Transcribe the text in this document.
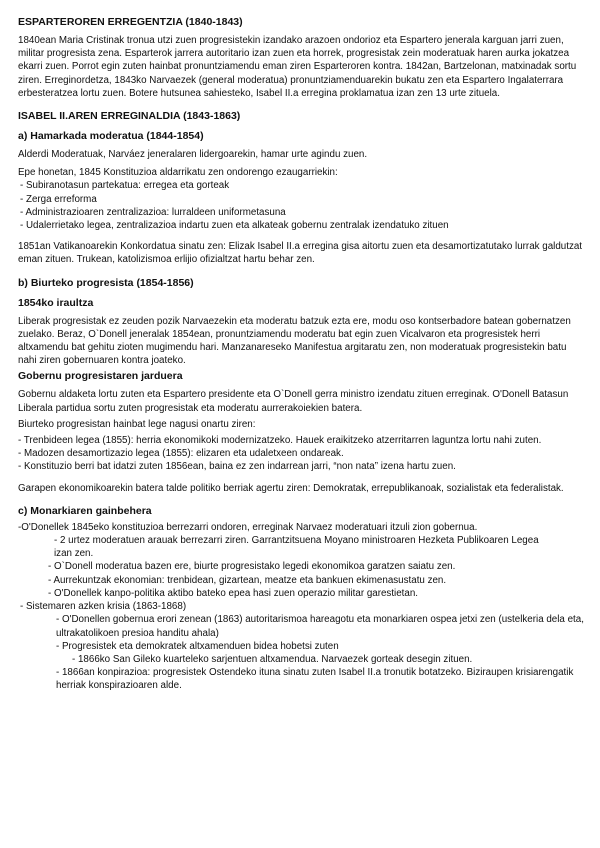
ESPARTEROREN ERREGENTZIA (1840-1843)

1840ean Maria Cristinak tronua utzi zuen progresistekin izandako arazoen ondorioz eta Espartero jenerala karguan jarri zuen, militar progresista zena. Esparterok jarrera autoritario izan zuen eta horrek, progresistak zein moderatuak haren aurka jokatzea ekarri zuen. Porrot egin zuten hainbat pronuntziamendu eman ziren Esparteroren kontra. 1842an, Bartzelonan, matxinadak sortu ziren. Erreginordetza, 1843ko Narvaezek (general moderatua) pronuntziamenduarekin bukatu zen eta Espartero Ingalaterrara erbesteratzea lortu zuen. Botere hutsunea sahiesteko, Isabel II.a erregina proklamatua izan zen 13 urte zituela.

ISABEL II.AREN ERREGINALDIA (1843-1863)

a) Hamarkada moderatua (1844-1854)

Alderdi Moderatuak, Narváez jeneralaren lidergoarekin, hamar urte agindu zuen.

Epe honetan, 1845 Konstituzioa aldarrikatu zen ondorengo ezaugarriekin:

- Subiranotasun partekatua: erregea eta gorteak

- Zerga erreforma

- Administrazioaren zentralizazioa: lurraldeen uniformetasuna

- Udalerrietako legea, zentralizazioa indartu zuen eta alkateak gobernu zentralak izendatuko zituen

1851an Vatikanoarekin Konkordatua sinatu zen: Elizak Isabel II.a erregina gisa aitortu zuen eta desamortizatutako lurrak galdutzat eman zituen. Trukean, katolizismoa erlijio ofizialtzat hartu behar zen.

b) Biurteko progresista (1854-1856)

1854ko iraultza

Liberak progresistak ez zeuden pozik Narvaezekin eta moderatu batzuk ezta ere, modu oso kontserbadore batean gobernatzen zuelako. Beraz, O`Donell jeneralak 1854ean, pronuntziamendu moderatu bat egin zuen Vicalvaron eta progresistek herri altxamendu bat gehitu zioten mugimendu hari. Manzanareseko Manifestua argitaratu zen, non moderatuak progresistekin batu nahi ziren gobernuaren kontra joateko.

Gobernu progresistaren jarduera

Gobernu aldaketa lortu zuten eta Espartero presidente eta O`Donell gerra ministro izendatu zituen erreginak. O'Donell Batasun Liberala partidua sortu zuten progresistak eta moderatu aurrerakoiekien batera.

Biurteko progresistan hainbat lege nagusi onartu ziren:

- Trenbideen legea (1855): herria ekonomikoki modernizatzeko. Hauek eraikitzeko atzerritarren laguntza lortu nahi zuten.

- Madozen desamortizazio legea (1855): elizaren eta udaletxeen ondareak.

- Konstituzio berri bat idatzi zuten 1856ean, baina ez zen indarrean jarri, “non nata” izena hartu zuen.

Garapen ekonomikoarekin batera talde politiko berriak agertu ziren: Demokratak, errepublikanoak, sozialistak eta federalistak.

c) Monarkiaren gainbehera

-O'Donellek 1845eko konstituzioa berrezarri ondoren, erreginak Narvaez moderatuari itzuli zion gobernua.

- 2 urtez moderatuen arauak berrezarri ziren. Garrantzitsuena Moyano ministroaren Hezketa Publikoaren Legea izan zen.

- O`Donell moderatua bazen ere, biurte progresistako legedi ekonomikoa garatzen saiatu zen.

- Aurrekuntzak ekonomian: trenbidean, gizartean, meatze eta bankuen ekimenasustatu zen.

- O'Donellek kanpo-politika aktibo bateko epea hasi zuen operazio militar garestietan.

- Sistemaren azken krisia (1863-1868)

- O'Donellen gobernua erori zenean (1863) autoritarismoa hareagotu eta monarkiaren ospea jetxi zen (ustelkeria dela eta, ultrakatolikoen presioa handitu ahala)

- Progresistek eta demokratek altxamenduen bidea hobetsi zuten

- 1866ko San Gileko kuarteleko sarjentuen altxamendua. Narvaezek gorteak desegin zituen.

- 1866an konpirazioa: progresistek Ostendeko ituna sinatu zuten Isabel II.a tronutik botatzeko. Biziraupen krisiarengatik herriak konspirazioaren alde.
